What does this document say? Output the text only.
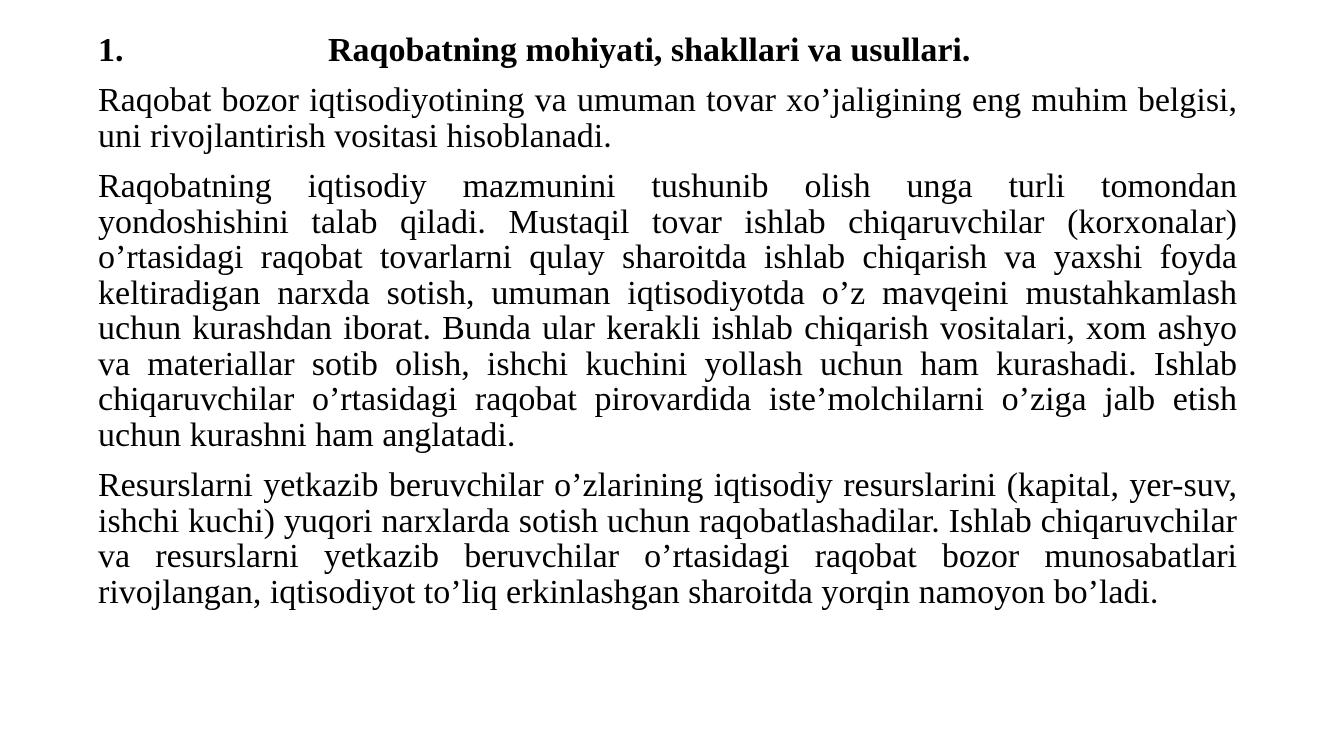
1.	Raqobatning mohiyati, shakllari va usullari.

Raqobat bozor iqtisodiyotining va umuman tovar xo’jaligining eng muhim belgisi, uni rivojlantirish vositasi hisoblanadi.

Raqobatning iqtisodiy mazmunini tushunib olish unga turli tomondan yondoshishini talab qiladi. Mustaqil tovar ishlab chiqaruvchilar (korxonalar) o’rtasidagi raqobat tovarlarni qulay sharoitda ishlab chiqarish va yaxshi foyda keltiradigan narxda sotish, umuman iqtisodiyotda o’z mavqeini mustahkamlash uchun kurashdan iborat. Bunda ular kerakli ishlab chiqarish vositalari, xom ashyo va materiallar sotib olish, ishchi kuchini yollash uchun ham kurashadi. Ishlab chiqaruvchilar o’rtasidagi raqobat pirovardida iste’molchilarni o’ziga jalb etish uchun kurashni ham anglatadi.

Resurslarni yetkazib beruvchilar o’zlarining iqtisodiy resurslarini (kapital, yer-suv, ishchi kuchi) yuqori narxlarda sotish uchun raqobatlashadilar. Ishlab chiqaruvchilar va resurslarni yetkazib beruvchilar o’rtasidagi raqobat bozor munosabatlari rivojlangan, iqtisodiyot to’liq erkinlashgan sharoitda yorqin namoyon bo’ladi.
